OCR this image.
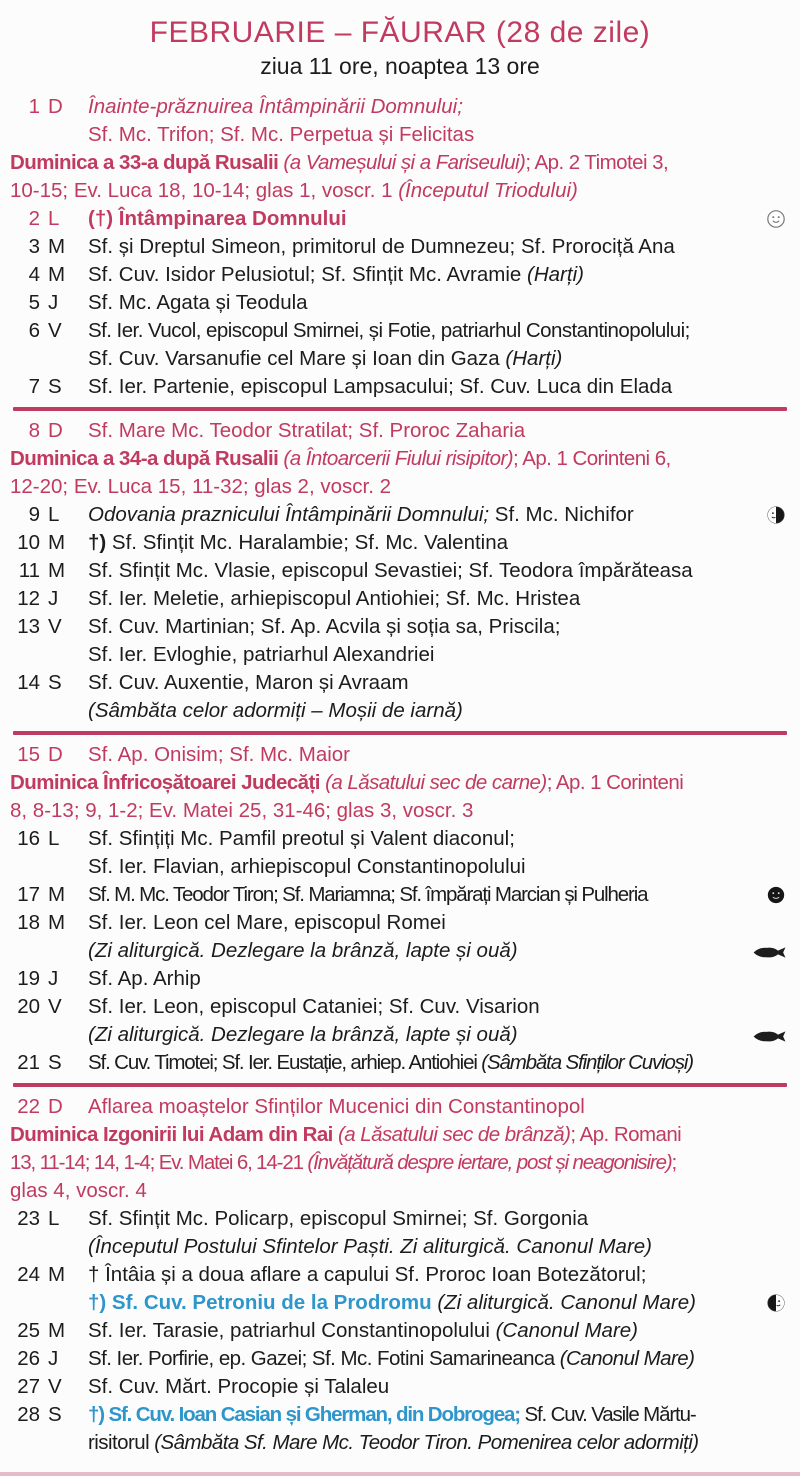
FEBRUARIE – FĂURAR (28 de zile)
ziua 11 ore, noaptea 13 ore
1 D Înainte-prăznuirea Întâmpinării Domnului;
Sf. Mc. Trifon; Sf. Mc. Perpetua și Felicitas
Duminica a 33-a după Rusalii (a Vameșului și a Fariseului); Ap. 2 Timotei 3,
10-15; Ev. Luca 18, 10-14; glas 1, voscr. 1 (Începutul Triodului)
2 L (†) Întâmpinarea Domnului
3 M Sf. și Dreptul Simeon, primitorul de Dumnezeu; Sf. Prorociță Ana
4 M Sf. Cuv. Isidor Pelusiotul; Sf. Sfințit Mc. Avramie (Harți)
5 J Sf. Mc. Agata și Teodula
6 V Sf. Ier. Vucol, episcopul Smirnei, și Fotie, patriarhul Constantinopolului;
Sf. Cuv. Varsanufie cel Mare și Ioan din Gaza (Harți)
7 S Sf. Ier. Partenie, episcopul Lampsacului; Sf. Cuv. Luca din Elada
8 D Sf. Mare Mc. Teodor Stratilat; Sf. Proroc Zaharia
Duminica a 34-a după Rusalii (a Întoarcerii Fiului risipitor); Ap. 1 Corinteni 6,
12-20; Ev. Luca 15, 11-32; glas 2, voscr. 2
9 L Odovania praznicului Întâmpinării Domnului; Sf. Mc. Nichifor
10 M †) Sf. Sfințit Mc. Haralambie; Sf. Mc. Valentina
11 M Sf. Sfințit Mc. Vlasie, episcopul Sevastiei; Sf. Teodora împărăteasa
12 J Sf. Ier. Meletie, arhiepiscopul Antiohiei; Sf. Mc. Hristea
13 V Sf. Cuv. Martinian; Sf. Ap. Acvila și soția sa, Priscila;
Sf. Ier. Evloghie, patriarhul Alexandriei
14 S Sf. Cuv. Auxentie, Maron și Avraam
(Sâmbăta celor adormiți – Moșii de iarnă)
15 D Sf. Ap. Onisim; Sf. Mc. Maior
Duminica Înfricoșătoarei Judecăți (a Lăsatului sec de carne); Ap. 1 Corinteni
8, 8-13; 9, 1-2; Ev. Matei 25, 31-46; glas 3, voscr. 3
16 L Sf. Sfințiți Mc. Pamfil preotul și Valent diaconul;
Sf. Ier. Flavian, arhiepiscopul Constantinopolului
17 M Sf. M. Mc. Teodor Tiron; Sf. Mariamna; Sf. împărați Marcian și Pulheria
18 M Sf. Ier. Leon cel Mare, episcopul Romei
(Zi aliturgică. Dezlegare la brânză, lapte și ouă)
19 J Sf. Ap. Arhip
20 V Sf. Ier. Leon, episcopul Cataniei; Sf. Cuv. Visarion
(Zi aliturgică. Dezlegare la brânză, lapte și ouă)
21 S Sf. Cuv. Timotei; Sf. Ier. Eustație, arhiep. Antiohiei (Sâmbăta Sfinților Cuvioși)
22 D Aflarea moaștelor Sfinților Mucenici din Constantinopol
Duminica Izgonirii lui Adam din Rai (a Lăsatului sec de brânză); Ap. Romani
13, 11-14; 14, 1-4; Ev. Matei 6, 14-21 (Învățătură despre iertare, post și neagonisire);
glas 4, voscr. 4
23 L Sf. Sfințit Mc. Policarp, episcopul Smirnei; Sf. Gorgonia
(Începutul Postului Sfintelor Paști. Zi aliturgică. Canonul Mare)
24 M † Întâia și a doua aflare a capului Sf. Proroc Ioan Botezătorul;
†) Sf. Cuv. Petroniu de la Prodromu (Zi aliturgică. Canonul Mare)
25 M Sf. Ier. Tarasie, patriarhul Constantinopolului (Canonul Mare)
26 J Sf. Ier. Porfirie, ep. Gazei; Sf. Mc. Fotini Samarineanca (Canonul Mare)
27 V Sf. Cuv. Mărt. Procopie și Talaleu
28 S †) Sf. Cuv. Ioan Casian și Gherman, din Dobrogea; Sf. Cuv. Vasile Mărtu-
risitorul (Sâmbăta Sf. Mare Mc. Teodor Tiron. Pomenirea celor adormiți)
